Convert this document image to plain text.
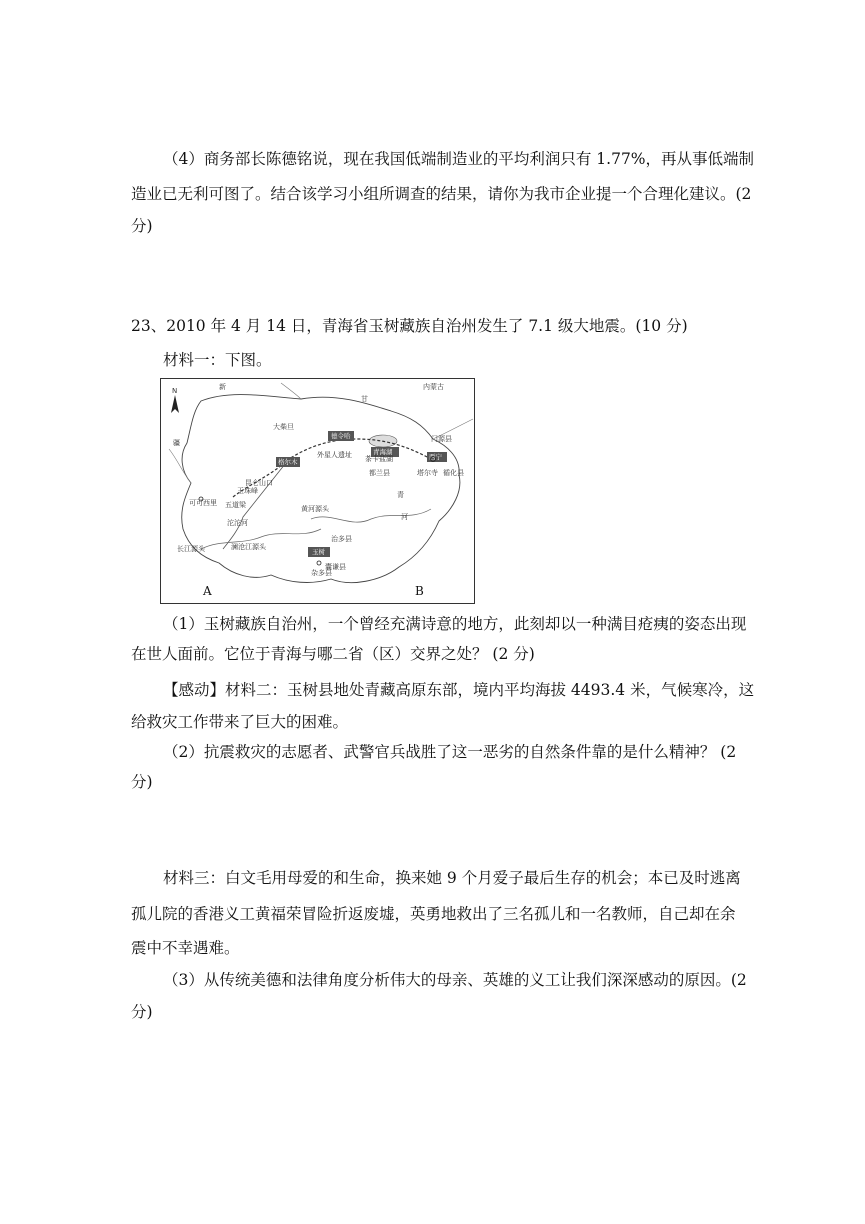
（4）商务部长陈德铭说，现在我国低端制造业的平均利润只有 1.77%，再从事低端制
造业已无利可图了。结合该学习小组所调查的结果，请你为我市企业提一个合理化建议。(2
分)
23、2010 年 4 月 14 日，青海省玉树藏族自治州发生了 7.1 级大地震。(10 分)
材料一：下图。
德令哈
青海湖
格尔木
西宁
玉树
N	新
疆
甘
内蒙古
门源县
大柴旦
外星人遗址 茶卡盐湖
都兰县	塔尔寺 循化县
昆仑山口
玉珠峰
可可西里 五道梁
沱沱河
黄河源头
澜沧江源头
长江源头
治多县
杂多县
囊谦县
河
青
A	B
（1）玉树藏族自治州，一个曾经充满诗意的地方，此刻却以一种满目疮痍的姿态出现
在世人面前。它位于青海与哪二省（区）交界之处？ (2 分)
【感动】材料二：玉树县地处青藏高原东部，境内平均海拔 4493.4 米，气候寒冷，这
给救灾工作带来了巨大的困难。
（2）抗震救灾的志愿者、武警官兵战胜了这一恶劣的自然条件靠的是什么精神？ (2
分)
材料三：白文毛用母爱的和生命，换来她 9 个月爱子最后生存的机会；本已及时逃离
孤儿院的香港义工黄福荣冒险折返废墟，英勇地救出了三名孤儿和一名教师，自己却在余
震中不幸遇难。
（3）从传统美德和法律角度分析伟大的母亲、英雄的义工让我们深深感动的原因。(2
分)
